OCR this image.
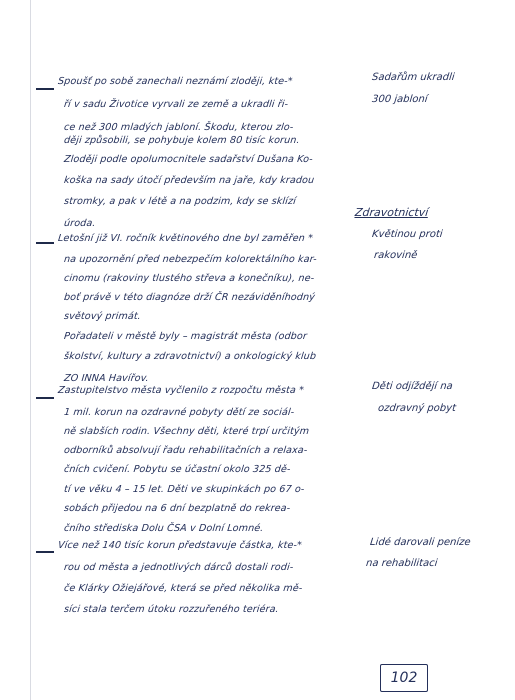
Spoušť po sobě zanechali neznámí zloději, kte-*
ří v sadu Životice vyrvali ze země a ukradli ři-
ce než 300 mladých jabloní. Škodu, kterou zlo-
ději způsobili, se pohybuje kolem 80 tisíc korun.
Zloději podle opolumocnitele sadařství Dušana Ko-
koška na sady útočí především na jaře, kdy kradou
stromky, a pak v létě a na podzim, kdy se sklízí
úroda.
Sadařům ukradli
300 jabloní
Zdravotnictví
Letošní již VI. ročník květinového dne byl zaměřen *
na upozornění před nebezpečím kolorektálního kar-
cinomu (rakoviny tlustého střeva a konečníku), ne-
boť právě v této diagnóze drží ČR nezáviděníhodný
světový primát.
Pořadateli v městě byly – magistrát města (odbor
školství, kultury a zdravotnictví) a onkologický klub
ZO INNA Havířov.
Květinou proti
rakovině
Zastupitelstvo města vyčlenilo z rozpočtu města *
1 mil. korun na ozdravné pobyty dětí ze sociál-
ně slabších rodin. Všechny děti, které trpí určitým
odborníků absolvují řadu rehabilitačních a relaxa-
čních cvičení. Pobytu se účastní okolo 325 dě-
tí ve věku 4 – 15 let. Děti ve skupinkách po 67 o-
sobách přijedou na 6 dní bezplatně do rekrea-
čního střediska Dolu ČSA v Dolní Lomné.
Děti odjíždějí na
ozdravný pobyt
Více než 140 tisíc korun představuje částka, kte-*
rou od města a jednotlivých dárců dostali rodi-
če Klárky Ožiejářové, která se před několika mě-
síci stala terčem útoku rozzuřeného teriéra.
Lidé darovali peníze
na rehabilitaci
102
